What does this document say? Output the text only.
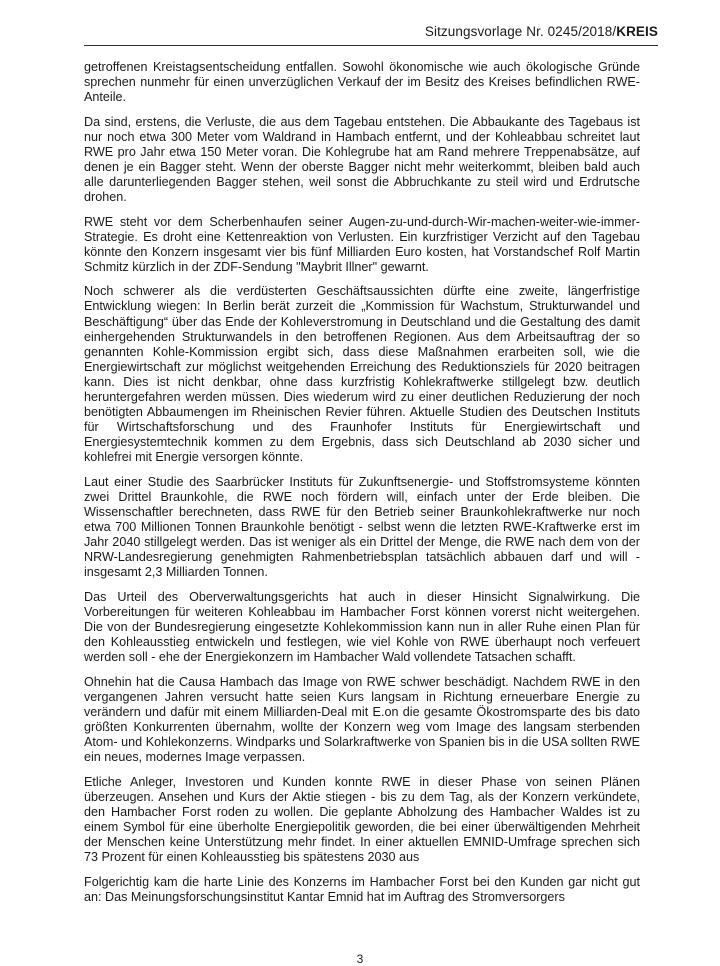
Sitzungsvorlage Nr. 0245/2018/KREIS

getroffenen Kreistagsentscheidung entfallen. Sowohl ökonomische wie auch ökologische Gründe sprechen nunmehr für einen unverzüglichen Verkauf der im Besitz des Kreises befindlichen RWE-Anteile.

Da sind, erstens, die Verluste, die aus dem Tagebau entstehen. Die Abbaukante des Tagebaus ist nur noch etwa 300 Meter vom Waldrand in Hambach entfernt, und der Kohleabbau schreitet laut RWE pro Jahr etwa 150 Meter voran. Die Kohlegrube hat am Rand mehrere Treppenabsätze, auf denen je ein Bagger steht. Wenn der oberste Bagger nicht mehr weiterkommt, bleiben bald auch alle darunterliegenden Bagger stehen, weil sonst die Abbruchkante zu steil wird und Erdrutsche drohen.

RWE steht vor dem Scherbenhaufen seiner Augen-zu-und-durch-Wir-machen-weiter-wie-immer-Strategie. Es droht eine Kettenreaktion von Verlusten. Ein kurzfristiger Verzicht auf den Tagebau könnte den Konzern insgesamt vier bis fünf Milliarden Euro kosten, hat Vorstandschef Rolf Martin Schmitz kürzlich in der ZDF-Sendung "Maybrit Illner" gewarnt.

Noch schwerer als die verdüsterten Geschäftsaussichten dürfte eine zweite, längerfristige Entwicklung wiegen: In Berlin berät zurzeit die „Kommission für Wachstum, Strukturwandel und Beschäftigung“ über das Ende der Kohleverstromung in Deutschland und die Gestaltung des damit einhergehenden Strukturwandels in den betroffenen Regionen. Aus dem Arbeitsauftrag der so genannten Kohle-Kommission ergibt sich, dass diese Maßnahmen erarbeiten soll, wie die Energiewirtschaft zur möglichst weitgehenden Erreichung des Reduktionsziels für 2020 beitragen kann. Dies ist nicht denkbar, ohne dass kurzfristig Kohlekraftwerke stillgelegt bzw. deutlich heruntergefahren werden müssen. Dies wiederum wird zu einer deutlichen Reduzierung der noch benötigten Abbaumengen im Rheinischen Revier führen. Aktuelle Studien des Deutschen Instituts für Wirtschaftsforschung und des Fraunhofer Instituts für Energiewirtschaft und Energiesystemtechnik kommen zu dem Ergebnis, dass sich Deutschland ab 2030 sicher und kohlefrei mit Energie versorgen könnte.

Laut einer Studie des Saarbrücker Instituts für Zukunftsenergie- und Stoffstromsysteme könnten zwei Drittel Braunkohle, die RWE noch fördern will, einfach unter der Erde bleiben. Die Wissenschaftler berechneten, dass RWE für den Betrieb seiner Braunkohlekraftwerke nur noch etwa 700 Millionen Tonnen Braunkohle benötigt - selbst wenn die letzten RWE-Kraftwerke erst im Jahr 2040 stillgelegt werden. Das ist weniger als ein Drittel der Menge, die RWE nach dem von der NRW-Landesregierung genehmigten Rahmenbetriebsplan tatsächlich abbauen darf und will - insgesamt 2,3 Milliarden Tonnen.

Das Urteil des Oberverwaltungsgerichts hat auch in dieser Hinsicht Signalwirkung. Die Vorbereitungen für weiteren Kohleabbau im Hambacher Forst können vorerst nicht weitergehen. Die von der Bundesregierung eingesetzte Kohlekommission kann nun in aller Ruhe einen Plan für den Kohleausstieg entwickeln und festlegen, wie viel Kohle von RWE überhaupt noch verfeuert werden soll - ehe der Energiekonzern im Hambacher Wald vollendete Tatsachen schafft.

Ohnehin hat die Causa Hambach das Image von RWE schwer beschädigt. Nachdem RWE in den vergangenen Jahren versucht hatte seien Kurs langsam in Richtung erneuerbare Energie zu verändern und dafür mit einem Milliarden-Deal mit E.on die gesamte Ökostromsparte des bis dato größten Konkurrenten übernahm, wollte der Konzern weg vom Image des langsam sterbenden Atom- und Kohlekonzerns. Windparks und Solarkraftwerke von Spanien bis in die USA sollten RWE ein neues, modernes Image verpassen.

Etliche Anleger, Investoren und Kunden konnte RWE in dieser Phase von seinen Plänen überzeugen. Ansehen und Kurs der Aktie stiegen - bis zu dem Tag, als der Konzern verkündete, den Hambacher Forst roden zu wollen. Die geplante Abholzung des Hambacher Waldes ist zu einem Symbol für eine überholte Energiepolitik geworden, die bei einer überwältigenden Mehrheit der Menschen keine Unterstützung mehr findet. In einer aktuellen EMNID-Umfrage sprechen sich 73 Prozent für einen Kohleausstieg bis spätestens 2030 aus

Folgerichtig kam die harte Linie des Konzerns im Hambacher Forst bei den Kunden gar nicht gut an: Das Meinungsforschungsinstitut Kantar Emnid hat im Auftrag des Stromversorgers

3
